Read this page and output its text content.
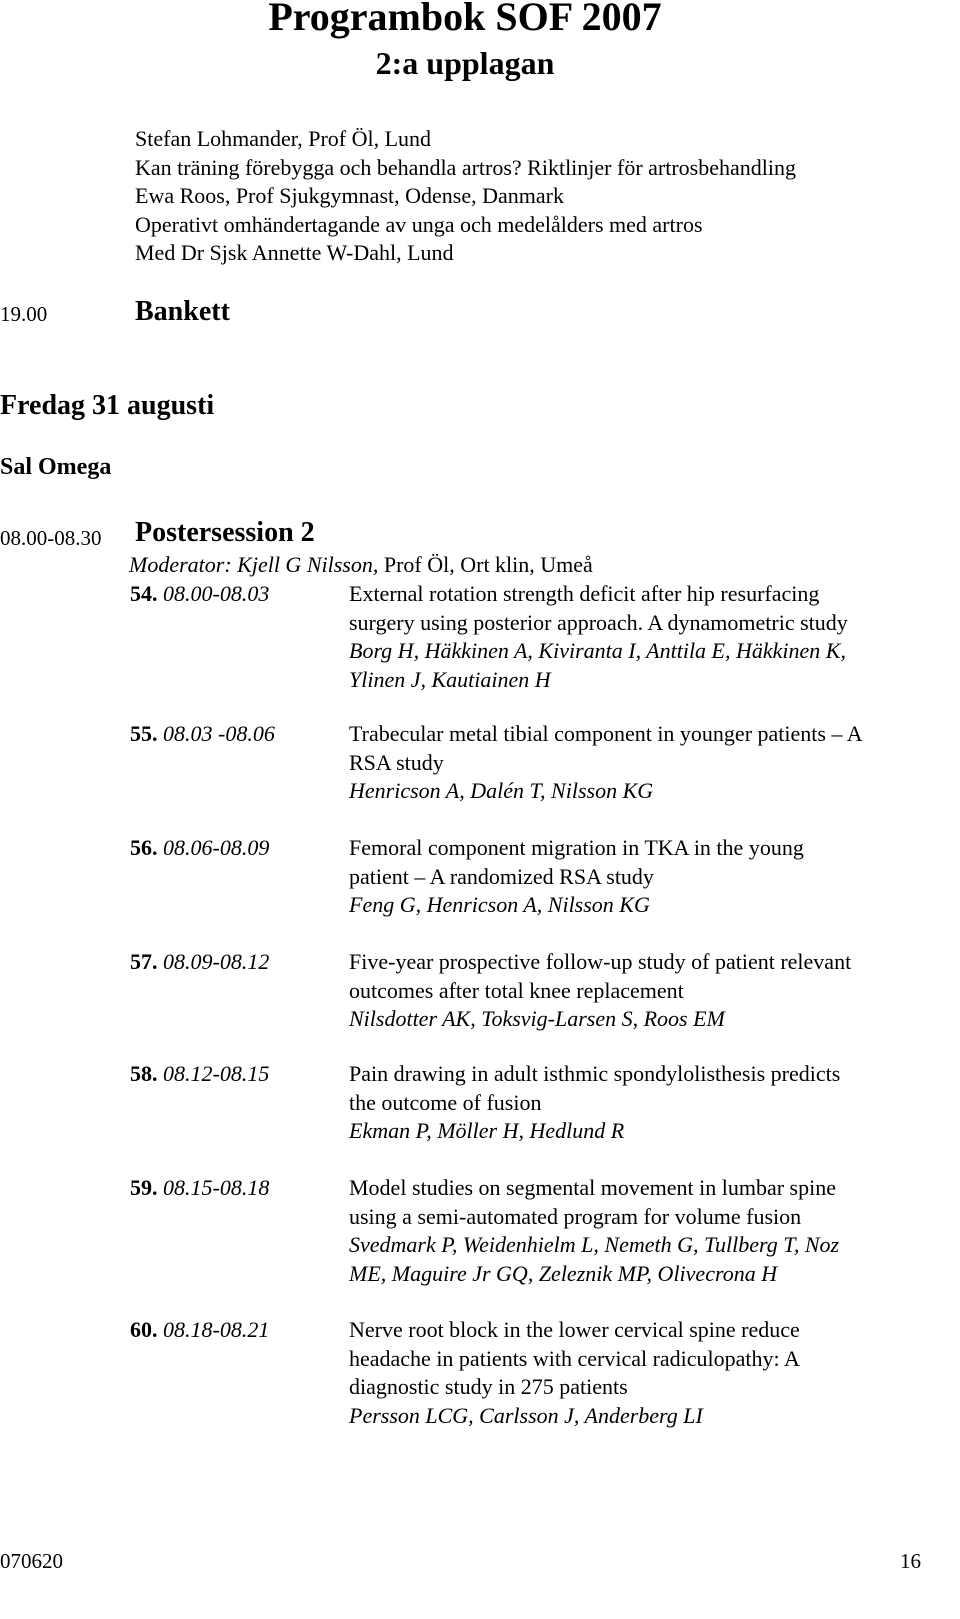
Programbok SOF 2007
2:a upplagan
Stefan Lohmander, Prof Öl, Lund
Kan träning förebygga och behandla artros? Riktlinjer för artrosbehandling
Ewa Roos, Prof Sjukgymnast, Odense, Danmark
Operativt omhändertagande av unga och medelålders med artros
Med Dr Sjsk Annette W-Dahl, Lund
19.00	Bankett
Fredag 31 augusti
Sal Omega
08.00-08.30 Postersession 2
Moderator: Kjell G Nilsson, Prof Öl, Ort klin, Umeå
54. 08.00-08.03	External rotation strength deficit after hip resurfacing
surgery using posterior approach. A dynamometric study
Borg H, Häkkinen A, Kiviranta I, Anttila E, Häkkinen K,
Ylinen J, Kautiainen H
55. 08.03 -08.06	Trabecular metal tibial component in younger patients – A
RSA study
Henricson A, Dalén T, Nilsson KG
56. 08.06-08.09	Femoral component migration in TKA in the young
patient – A randomized RSA study
Feng G, Henricson A, Nilsson KG
57. 08.09-08.12	Five-year prospective follow-up study of patient relevant
outcomes after total knee replacement
Nilsdotter AK, Toksvig-Larsen S, Roos EM
58. 08.12-08.15	Pain drawing in adult isthmic spondylolisthesis predicts
the outcome of fusion
Ekman P, Möller H, Hedlund R
59. 08.15-08.18	Model studies on segmental movement in lumbar spine
using a semi-automated program for volume fusion
Svedmark P, Weidenhielm L, Nemeth G, Tullberg T, Noz
ME, Maguire Jr GQ, Zeleznik MP, Olivecrona H
60. 08.18-08.21	Nerve root block in the lower cervical spine reduce
headache in patients with cervical radiculopathy: A
diagnostic study in 275 patients
Persson LCG, Carlsson J, Anderberg LI
070620	16
